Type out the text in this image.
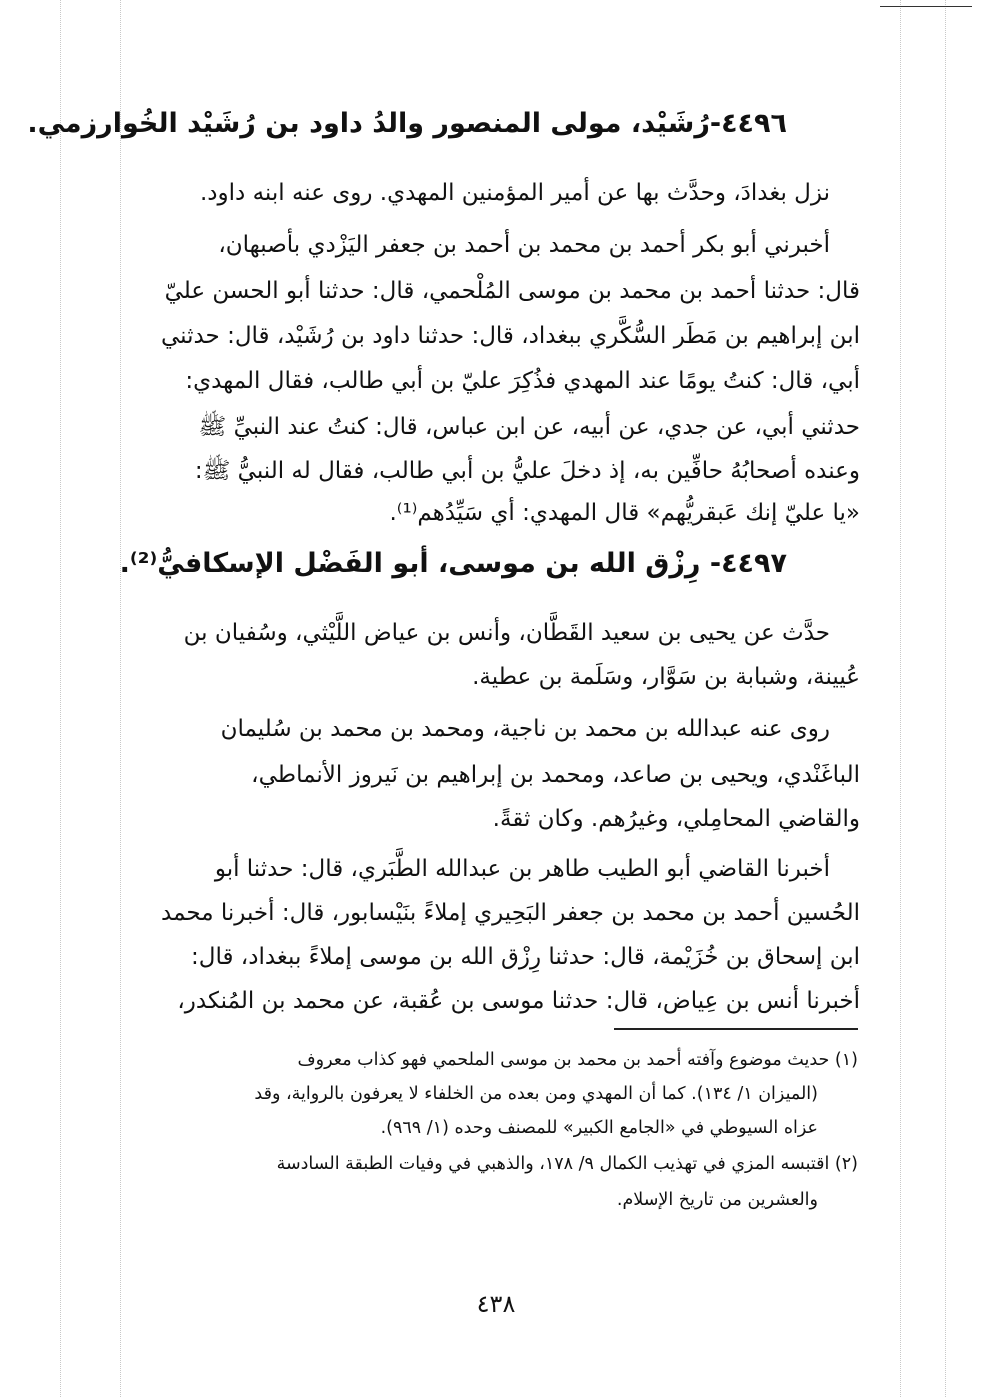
٤٤٩٦-رُشَيْد، مولى المنصور والدُ داود بن رُشَيْد الخُوارزمي.
نزل بغدادَ، وحدَّث بها عن أمير المؤمنين المهدي. روى عنه ابنه داود.
أخبرني أبو بكر أحمد بن محمد بن أحمد بن جعفر اليَزْدي بأصبهان،
قال: حدثنا أحمد بن محمد بن موسى المُلْحمي، قال: حدثنا أبو الحسن عليّ
ابن إبراهيم بن مَطَر السُّكَّري ببغداد، قال: حدثنا داود بن رُشَيْد، قال: حدثني
أبي، قال: كنتُ يومًا عند المهدي فذُكِرَ عليّ بن أبي طالب، فقال المهدي:
حدثني أبي، عن جدي، عن أبيه، عن ابن عباس، قال: كنتُ عند النبيِّ ﷺ
وعنده أصحابُهُ حافِّين به، إذ دخلَ عليُّ بن أبي طالب، فقال له النبيُّ ﷺ:
«يا عليّ إنك عَبقريُّهم» قال المهدي: أي سَيِّدُهم⁽¹⁾.
٤٤٩٧- رِزْق الله بن موسى، أبو الفَضْل الإسكافيُّ⁽²⁾.
حدَّث عن يحيى بن سعيد القَطَّان، وأنس بن عياض اللَّيْثي، وسُفيان بن
عُيينة، وشبابة بن سَوَّار، وسَلَمة بن عطية.
روى عنه عبدالله بن محمد بن ناجية، ومحمد بن محمد بن سُليمان
الباغَنْدي، ويحيى بن صاعد، ومحمد بن إبراهيم بن نَيروز الأنماطي،
والقاضي المحامِلي، وغيرُهم. وكان ثقةً.
أخبرنا القاضي أبو الطيب طاهر بن عبدالله الطَّبَري، قال: حدثنا أبو
الحُسين أحمد بن محمد بن جعفر البَحِيري إملاءً بنَيْسابور، قال: أخبرنا محمد
ابن إسحاق بن خُزَيْمة، قال: حدثنا رِزْق الله بن موسى إملاءً ببغداد، قال:
أخبرنا أنس بن عِياض، قال: حدثنا موسى بن عُقبة، عن محمد بن المُنكدر،
(١) حديث موضوع وآفته أحمد بن محمد بن موسى الملحمي فهو كذاب معروف
(الميزان ١/ ١٣٤). كما أن المهدي ومن بعده من الخلفاء لا يعرفون بالرواية، وقد
عزاه السيوطي في «الجامع الكبير» للمصنف وحده (١/ ٩٦٩).
(٢) اقتبسه المزي في تهذيب الكمال ٩/ ١٧٨، والذهبي في وفيات الطبقة السادسة
والعشرين من تاريخ الإسلام.
٤٣٨
